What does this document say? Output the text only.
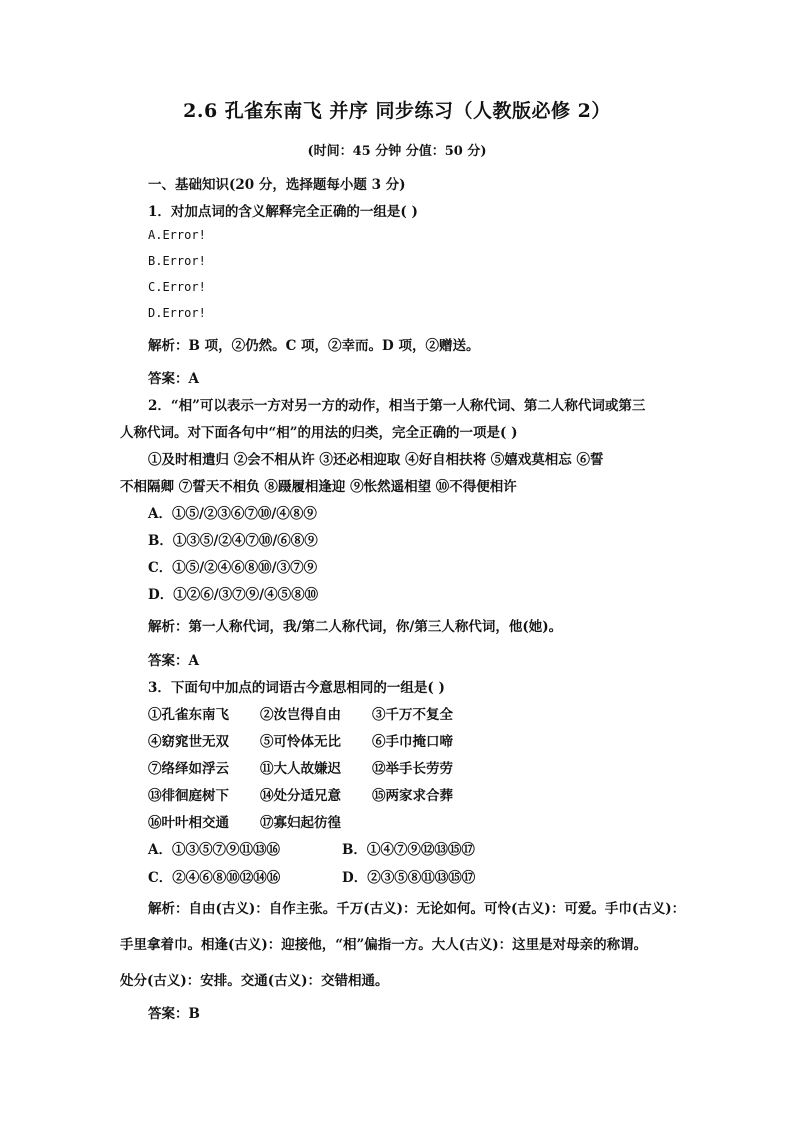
2.6 孔雀东南飞 并序 同步练习（人教版必修 2）
(时间：45 分钟 分值：50 分)
一、基础知识(20 分，选择题每小题 3 分)
1．对加点词的含义解释完全正确的一组是( )
A.Error!
B.Error!
C.Error!
D.Error!
解析：B 项，②仍然。C 项，②幸而。D 项，②赠送。
答案：A
2．“相”可以表示一方对另一方的动作，相当于第一人称代词、第二人称代词或第三
人称代词。对下面各句中“相”的用法的归类，完全正确的一项是( )
①及时相遣归 ②会不相从许 ③还必相迎取 ④好自相扶将 ⑤嬉戏莫相忘 ⑥誓
不相隔卿 ⑦誓天不相负 ⑧蹑履相逢迎 ⑨怅然遥相望 ⑩不得便相许
A．①⑤/②③⑥⑦⑩/④⑧⑨
B．①③⑤/②④⑦⑩/⑥⑧⑨
C．①⑤/②④⑥⑧⑩/③⑦⑨
D．①②⑥/③⑦⑨/④⑤⑧⑩
解析：第一人称代词，我/第二人称代词，你/第三人称代词，他(她)。
答案：A
3．下面句中加点的词语古今意思相同的一组是( )
①孔雀东南飞 ②汝岂得自由 ③千万不复全
④窈窕世无双 ⑤可怜体无比 ⑥手巾掩口啼
⑦络绎如浮云 ⑪大人故嫌迟 ⑫举手长劳劳
⑬徘徊庭树下 ⑭处分适兄意 ⑮两家求合葬
⑯叶叶相交通 ⑰寡妇起彷徨
A．①③⑤⑦⑨⑪⑬⑯	B．①④⑦⑨⑫⑬⑮⑰
C．②④⑥⑧⑩⑫⑭⑯	D．②③⑤⑧⑪⑬⑮⑰
解析：自由(古义)：自作主张。千万(古义)：无论如何。可怜(古义)：可爱。手巾(古义)：
手里拿着巾。相逢(古义)：迎接他，“相”偏指一方。大人(古义)：这里是对母亲的称谓。
处分(古义)：安排。交通(古义)：交错相通。
答案：B
